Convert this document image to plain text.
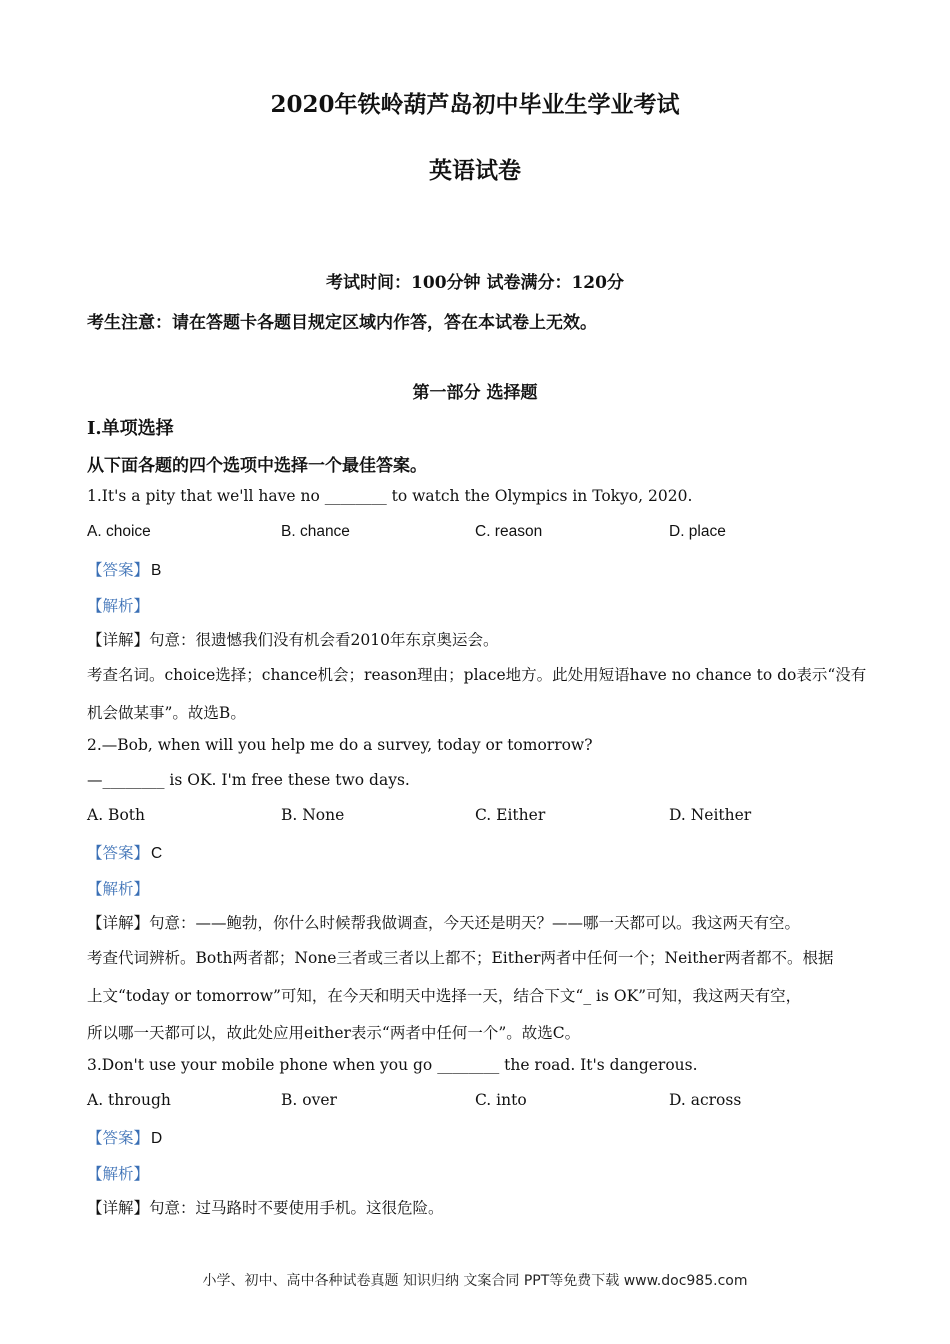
2020年铁岭葫芦岛初中毕业生学业考试
英语试卷
考试时间：100分钟 试卷满分：120分
考生注意：请在答题卡各题目规定区域内作答，答在本试卷上无效。
第一部分 选择题
I.单项选择
从下面各题的四个选项中选择一个最佳答案。
1.It's a pity that we'll have no ________ to watch the Olympics in Tokyo, 2020.
A. choice	B. chance	C. reason	D. place
【答案】 B
【解析】
【详解】句意：很遗憾我们没有机会看2010年东京奥运会。
考查名词。choice选择；chance机会；reason理由；place地方。此处用短语have no chance to do表示“没有
机会做某事”。故选B。
2.—Bob, when will you help me do a survey, today or tomorrow?
—________ is OK. I'm free these two days.
A. Both	B. None	C. Either	D. Neither
【答案】 C
【解析】
【详解】句意：——鲍勃，你什么时候帮我做调查，今天还是明天？——哪一天都可以。我这两天有空。
考查代词辨析。Both两者都；None三者或三者以上都不；Either两者中任何一个；Neither两者都不。根据
上文“today or tomorrow”可知，在今天和明天中选择一天，结合下文“_ is OK”可知，我这两天有空，
所以哪一天都可以，故此处应用either表示“两者中任何一个”。故选C。
3.Don't use your mobile phone when you go ________ the road. It's dangerous.
A. through	B. over	C. into	D. across
【答案】 D
【解析】
【详解】句意：过马路时不要使用手机。这很危险。
小学、初中、高中各种试卷真题 知识归纳 文案合同 PPT等免费下载 www.doc985.com
